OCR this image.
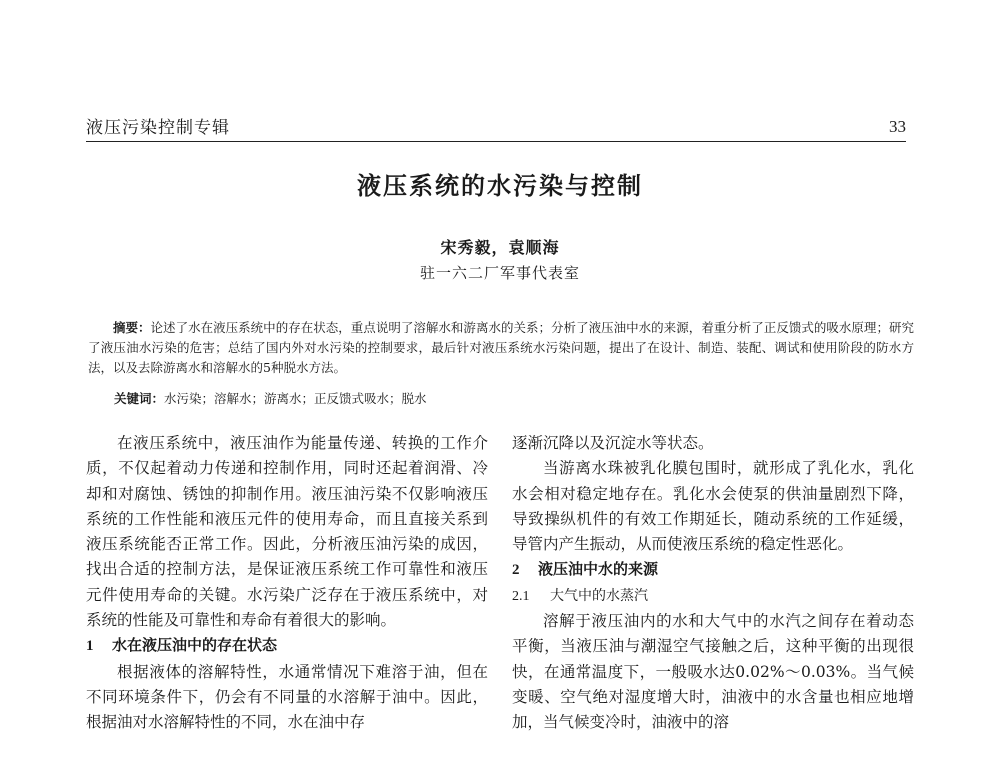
液压污染控制专辑	33
液压系统的水污染与控制
宋秀毅，袁顺海
驻一六二厂军事代表室

摘要：论述了水在液压系统中的存在状态，重点说明了溶解水和游离水的关系；分析了液压油中水的来源，着重分析了正反馈式的吸水原理；研究了液压油水污染的危害；总结了国内外对水污染的控制要求，最后针对液压系统水污染问题，提出了在设计、制造、装配、调试和使用阶段的防水方法，以及去除游离水和溶解水的5种脱水方法。

关键词：水污染；溶解水；游离水；正反馈式吸水；脱水

在液压系统中，液压油作为能量传递、转换的工作介质，不仅起着动力传递和控制作用，同时还起着润滑、冷却和对腐蚀、锈蚀的抑制作用。液压油污染不仅影响液压系统的工作性能和液压元件的使用寿命，而且直接关系到液压系统能否正常工作。因此，分析液压油污染的成因，找出合适的控制方法，是保证液压系统工作可靠性和液压元件使用寿命的关键。水污染广泛存在于液压系统中，对系统的性能及可靠性和寿命有着很大的影响。

1 水在液压油中的存在状态

根据液体的溶解特性，水通常情况下难溶于油，但在不同环境条件下，仍会有不同量的水溶解于油中。因此，根据油对水溶解特性的不同，水在油中存

逐渐沉降以及沉淀水等状态。

当游离水珠被乳化膜包围时，就形成了乳化水，乳化水会相对稳定地存在。乳化水会使泵的供油量剧烈下降，导致操纵机件的有效工作期延长，随动系统的工作延缓，导管内产生振动，从而使液压系统的稳定性恶化。

2 液压油中水的来源
2.1 大气中的水蒸汽

溶解于液压油内的水和大气中的水汽之间存在着动态平衡，当液压油与潮湿空气接触之后，这种平衡的出现很快，在通常温度下，一般吸水达0.02%～0.03%。当气候变暖、空气绝对湿度增大时，油液中的水含量也相应地增加，当气候变冷时，油液中的溶
